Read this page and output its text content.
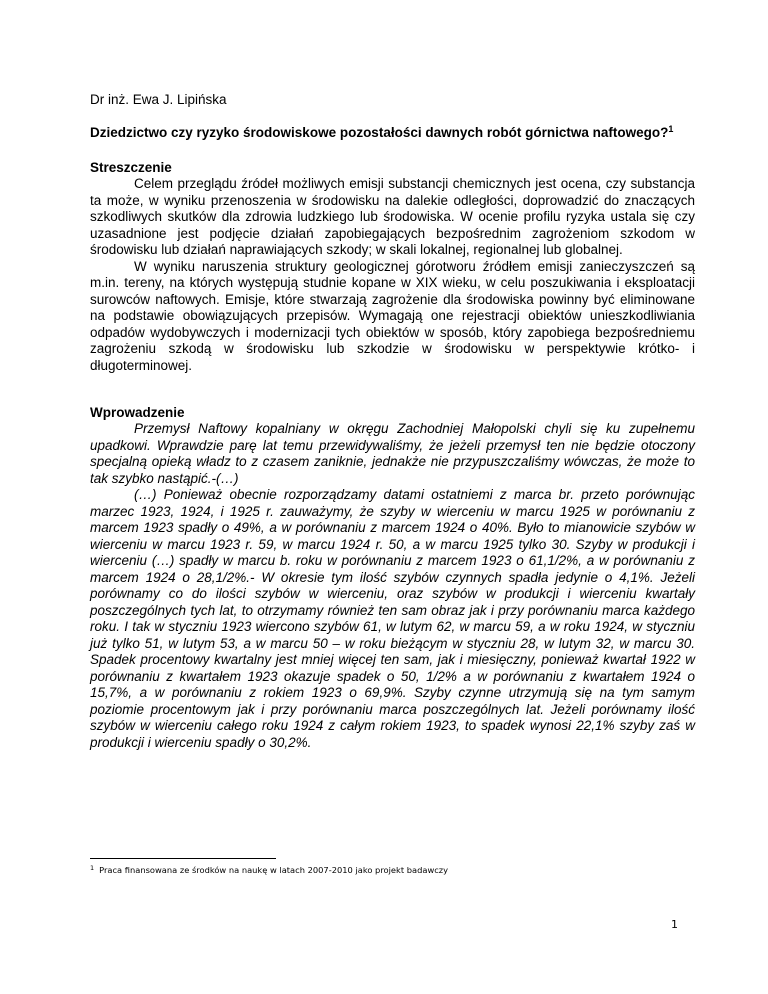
Dr inż. Ewa J. Lipińska

Dziedzictwo czy ryzyko środowiskowe pozostałości dawnych robót górnictwa naftowego?$^1$

Streszczenie

Celem przeglądu źródeł możliwych emisji substancji chemicznych jest ocena, czy substancja ta może, w wyniku przenoszenia w środowisku na dalekie odległości, doprowadzić do znaczących szkodliwych skutków dla zdrowia ludzkiego lub środowiska. W ocenie profilu ryzyka ustala się czy uzasadnione jest podjęcie działań zapobiegających bezpośrednim zagrożeniom szkodom w środowisku lub działań naprawiających szkody; w skali lokalnej, regionalnej lub globalnej.

W wyniku naruszenia struktury geologicznej górotworu źródłem emisji zanieczyszczeń są m.in. tereny, na których występują studnie kopane w XIX wieku, w celu poszukiwania i eksploatacji surowców naftowych. Emisje, które stwarzają zagrożenie dla środowiska powinny być eliminowane na podstawie obowiązujących przepisów. Wymagają one rejestracji obiektów unieszkodliwiania odpadów wydobywczych i modernizacji tych obiektów w sposób, który zapobiega bezpośredniemu zagrożeniu szkodą w środowisku lub szkodzie w środowisku w perspektywie krótko- i długoterminowej.

Wprowadzenie

Przemysł Naftowy kopalniany w okręgu Zachodniej Małopolski chyli się ku zupełnemu upadkowi. Wprawdzie parę lat temu przewidywaliśmy, że jeżeli przemysł ten nie będzie otoczony specjalną opieką władz to z czasem zaniknie, jednakże nie przypuszczaliśmy wówczas, że może to tak szybko nastąpić.-(…)

(…) Ponieważ obecnie rozporządzamy datami ostatniemi z marca br. przeto porównując marzec 1923, 1924, i 1925 r. zauważymy, że szyby w wierceniu w marcu 1925 w porównaniu z marcem 1923 spadły o 49%, a w porównaniu z marcem 1924 o 40%. Było to mianowicie szybów w wierceniu w marcu 1923 r. 59, w marcu 1924 r. 50, a w marcu 1925 tylko 30. Szyby w produkcji i wierceniu (…) spadły w marcu b. roku w porównaniu z marcem 1923 o 61,1/2%, a w porównaniu z marcem 1924 o 28,1/2%.- W okresie tym ilość szybów czynnych spadła jedynie o 4,1%. Jeżeli porównamy co do ilości szybów w wierceniu, oraz szybów w produkcji i wierceniu kwartały poszczególnych tych lat, to otrzymamy również ten sam obraz jak i przy porównaniu marca każdego roku. I tak w styczniu 1923 wiercono szybów 61, w lutym 62, w marcu 59, a w roku 1924, w styczniu już tylko 51, w lutym 53, a w marcu 50 – w roku bieżącym w styczniu 28, w lutym 32, w marcu 30. Spadek procentowy kwartalny jest mniej więcej ten sam, jak i miesięczny, ponieważ kwartał 1922 w porównaniu z kwartałem 1923 okazuje spadek o 50, 1/2% a w porównaniu z kwartałem 1924 o 15,7%, a w porównaniu z rokiem 1923 o 69,9%. Szyby czynne utrzymują się na tym samym poziomie procentowym jak i przy porównaniu marca poszczególnych lat. Jeżeli porównamy ilość szybów w wierceniu całego roku 1924 z całym rokiem 1923, to spadek wynosi 22,1% szyby zaś w produkcji i wierceniu spadły o 30,2%.

$^1$ Praca finansowana ze środków na naukę w latach 2007-2010 jako projekt badawczy
1
